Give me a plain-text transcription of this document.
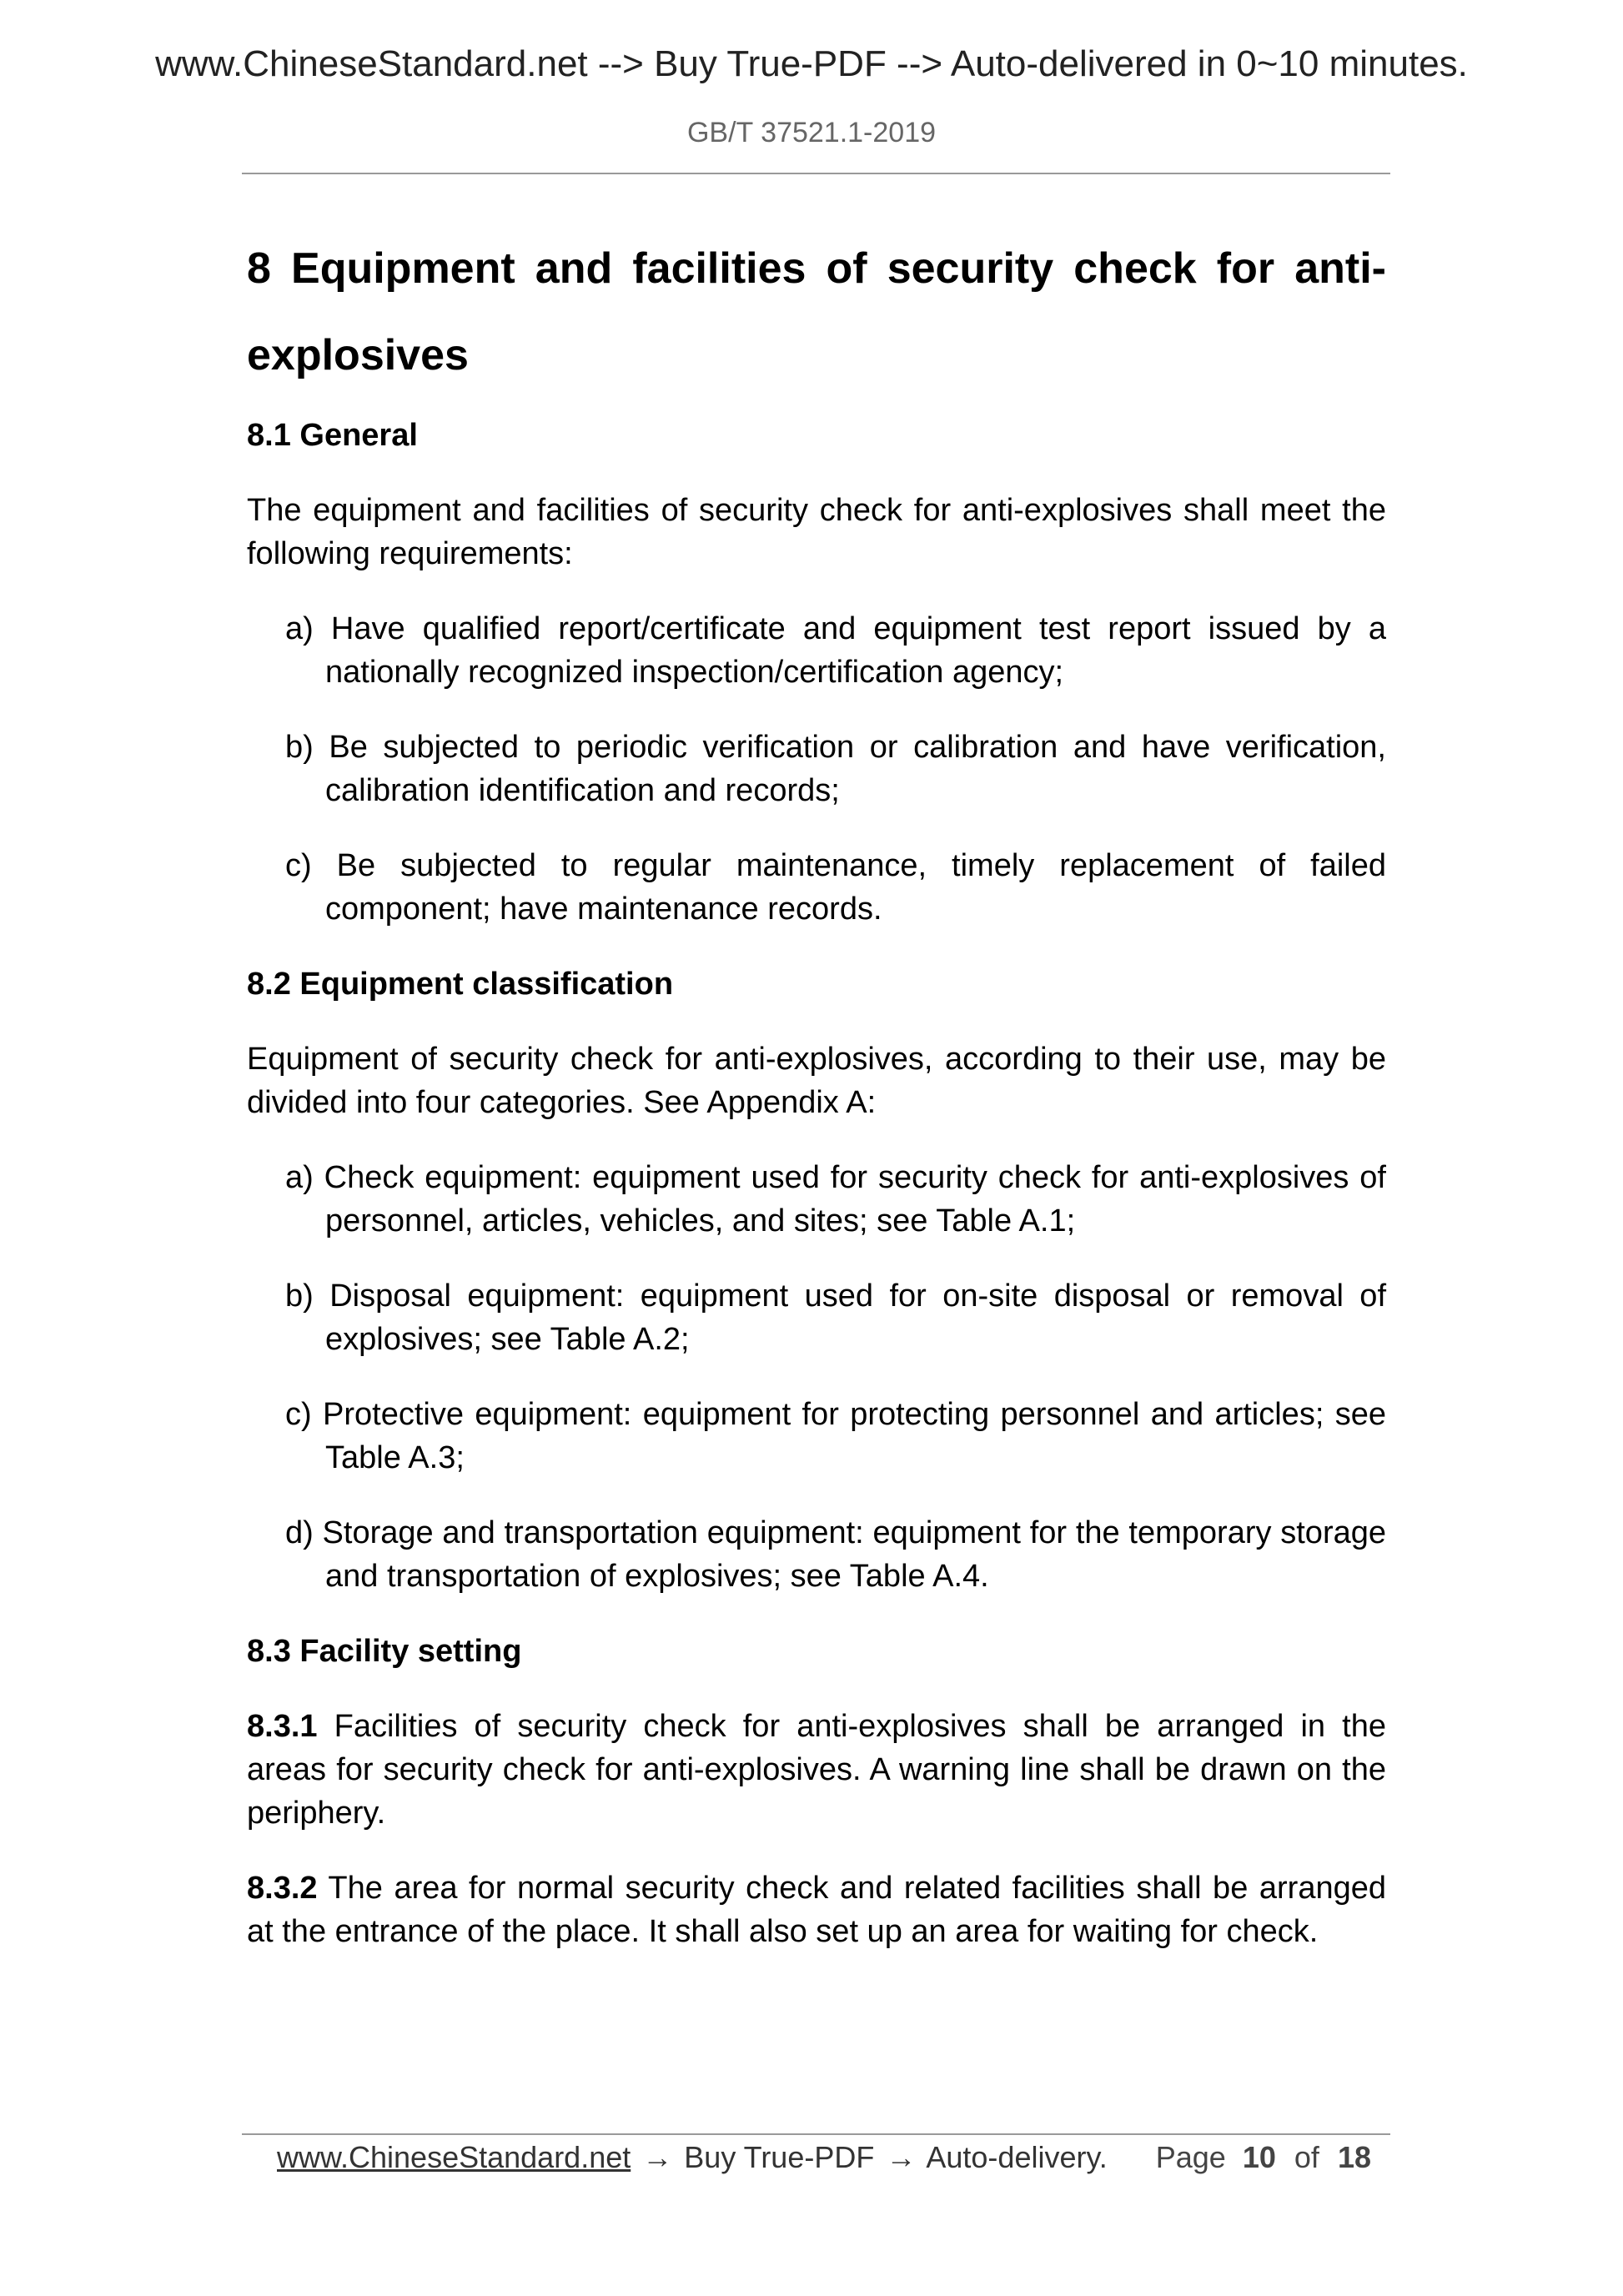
www.ChineseStandard.net --> Buy True-PDF --> Auto-delivered in 0~10 minutes.
GB/T 37521.1-2019
8 Equipment and facilities of security check for anti-explosives
8.1 General

The equipment and facilities of security check for anti-explosives shall meet the following requirements:

a) Have qualified report/certificate and equipment test report issued by a nationally recognized inspection/certification agency;

b) Be subjected to periodic verification or calibration and have verification, calibration identification and records;

c) Be subjected to regular maintenance, timely replacement of failed component; have maintenance records.

8.2 Equipment classification

Equipment of security check for anti-explosives, according to their use, may be divided into four categories. See Appendix A:

a) Check equipment: equipment used for security check for anti-explosives of personnel, articles, vehicles, and sites; see Table A.1;

b) Disposal equipment: equipment used for on-site disposal or removal of explosives; see Table A.2;

c) Protective equipment: equipment for protecting personnel and articles; see Table A.3;

d) Storage and transportation equipment: equipment for the temporary storage and transportation of explosives; see Table A.4.

8.3 Facility setting

8.3.1 Facilities of security check for anti-explosives shall be arranged in the areas for security check for anti-explosives. A warning line shall be drawn on the periphery.

8.3.2 The area for normal security check and related facilities shall be arranged at the entrance of the place. It shall also set up an area for waiting for check.

www.ChineseStandard.net → Buy True-PDF → Auto-delivery. Page 10 of 18
